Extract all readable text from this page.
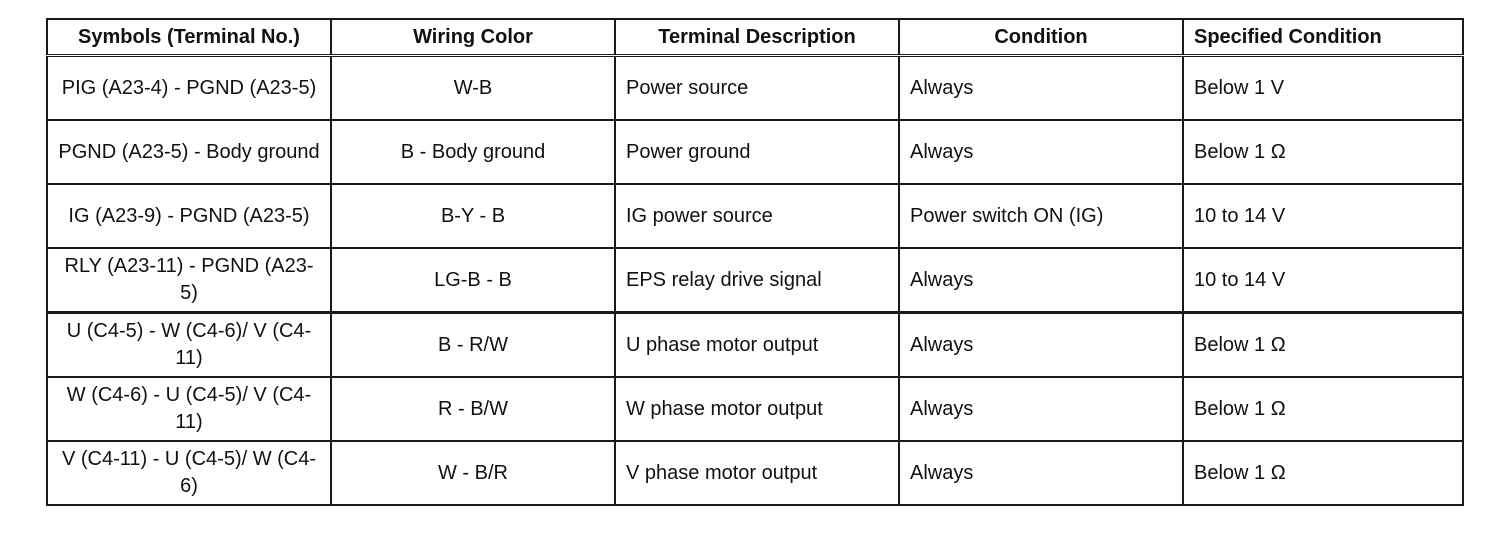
Symbols (Terminal No.)	Wiring Color	Terminal Description	Condition	Specified Condition
PIG (A23-4) - PGND (A23-5)	W-B	Power source	Always	Below 1 V
PGND (A23-5) - Body ground	B - Body ground	Power ground	Always	Below 1 Ω
IG (A23-9) - PGND (A23-5)	B-Y - B	IG power source	Power switch ON (IG)	10 to 14 V
RLY (A23-11) - PGND (A23-5)	LG-B - B	EPS relay drive signal	Always	10 to 14 V
U (C4-5) - W (C4-6)/ V (C4-11)	B - R/W	U phase motor output	Always	Below 1 Ω
W (C4-6) - U (C4-5)/ V (C4-11)	R - B/W	W phase motor output	Always	Below 1 Ω
V (C4-11) - U (C4-5)/ W (C4-6)	W - B/R	V phase motor output	Always	Below 1 Ω
